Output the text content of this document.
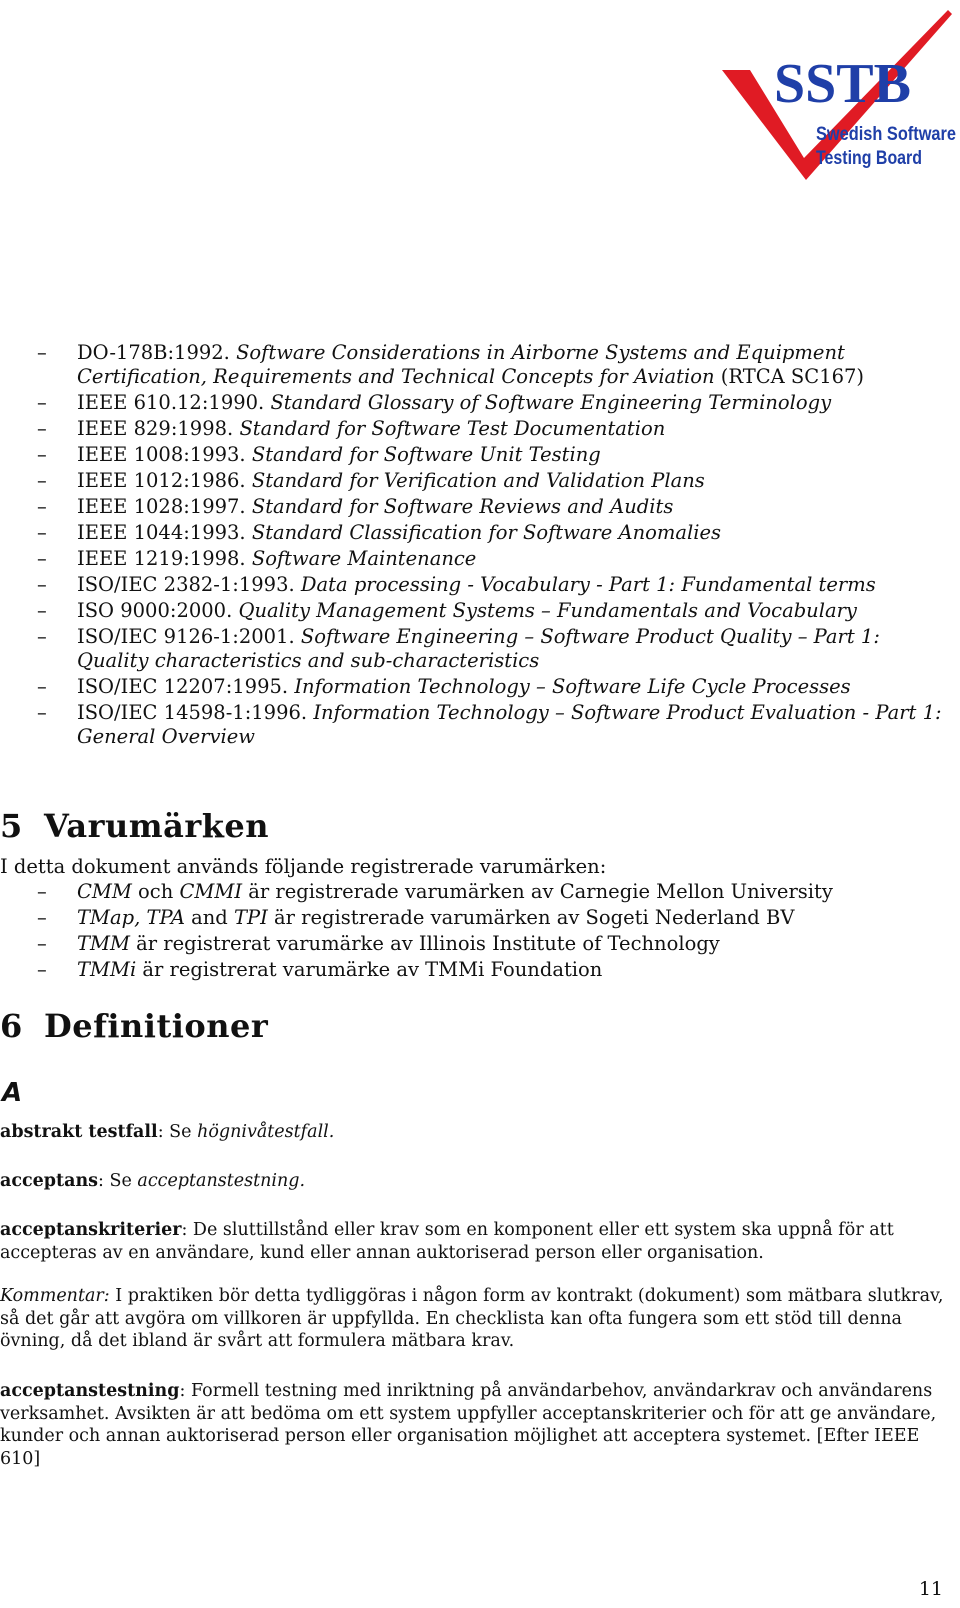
SSTB
Swedish Software
Testing Board
– DO-178B:1992. Software Considerations in Airborne Systems and Equipment Certification, Requirements and Technical Concepts for Aviation (RTCA SC167)
– IEEE 610.12:1990. Standard Glossary of Software Engineering Terminology
– IEEE 829:1998. Standard for Software Test Documentation
– IEEE 1008:1993. Standard for Software Unit Testing
– IEEE 1012:1986. Standard for Verification and Validation Plans
– IEEE 1028:1997. Standard for Software Reviews and Audits
– IEEE 1044:1993. Standard Classification for Software Anomalies
– IEEE 1219:1998. Software Maintenance
– ISO/IEC 2382-1:1993. Data processing - Vocabulary - Part 1: Fundamental terms
– ISO 9000:2000. Quality Management Systems – Fundamentals and Vocabulary
– ISO/IEC 9126-1:2001. Software Engineering – Software Product Quality – Part 1: Quality characteristics and sub-characteristics
– ISO/IEC 12207:1995. Information Technology – Software Life Cycle Processes
– ISO/IEC 14598-1:1996. Information Technology – Software Product Evaluation - Part 1: General Overview
5 Varumärken

I detta dokument används följande registrerade varumärken:

– CMM och CMMI är registrerade varumärken av Carnegie Mellon University
– TMap, TPA and TPI är registrerade varumärken av Sogeti Nederland BV
– TMM är registrerat varumärke av Illinois Institute of Technology
– TMMi är registrerat varumärke av TMMi Foundation
6 Definitioner

A

abstrakt testfall: Se högnivåtestfall.

acceptans: Se acceptanstestning.

acceptanskriterier: De sluttillstånd eller krav som en komponent eller ett system ska uppnå för att accepteras av en användare, kund eller annan auktoriserad person eller organisation.

Kommentar: I praktiken bör detta tydliggöras i någon form av kontrakt (dokument) som mätbara slutkrav, så det går att avgöra om villkoren är uppfyllda. En checklista kan ofta fungera som ett stöd till denna övning, då det ibland är svårt att formulera mätbara krav.

acceptanstestning: Formell testning med inriktning på användarbehov, användarkrav och användarens verksamhet. Avsikten är att bedöma om ett system uppfyller acceptanskriterier och för att ge användare, kunder och annan auktoriserad person eller organisation möjlighet att acceptera systemet. [Efter IEEE 610]

11
